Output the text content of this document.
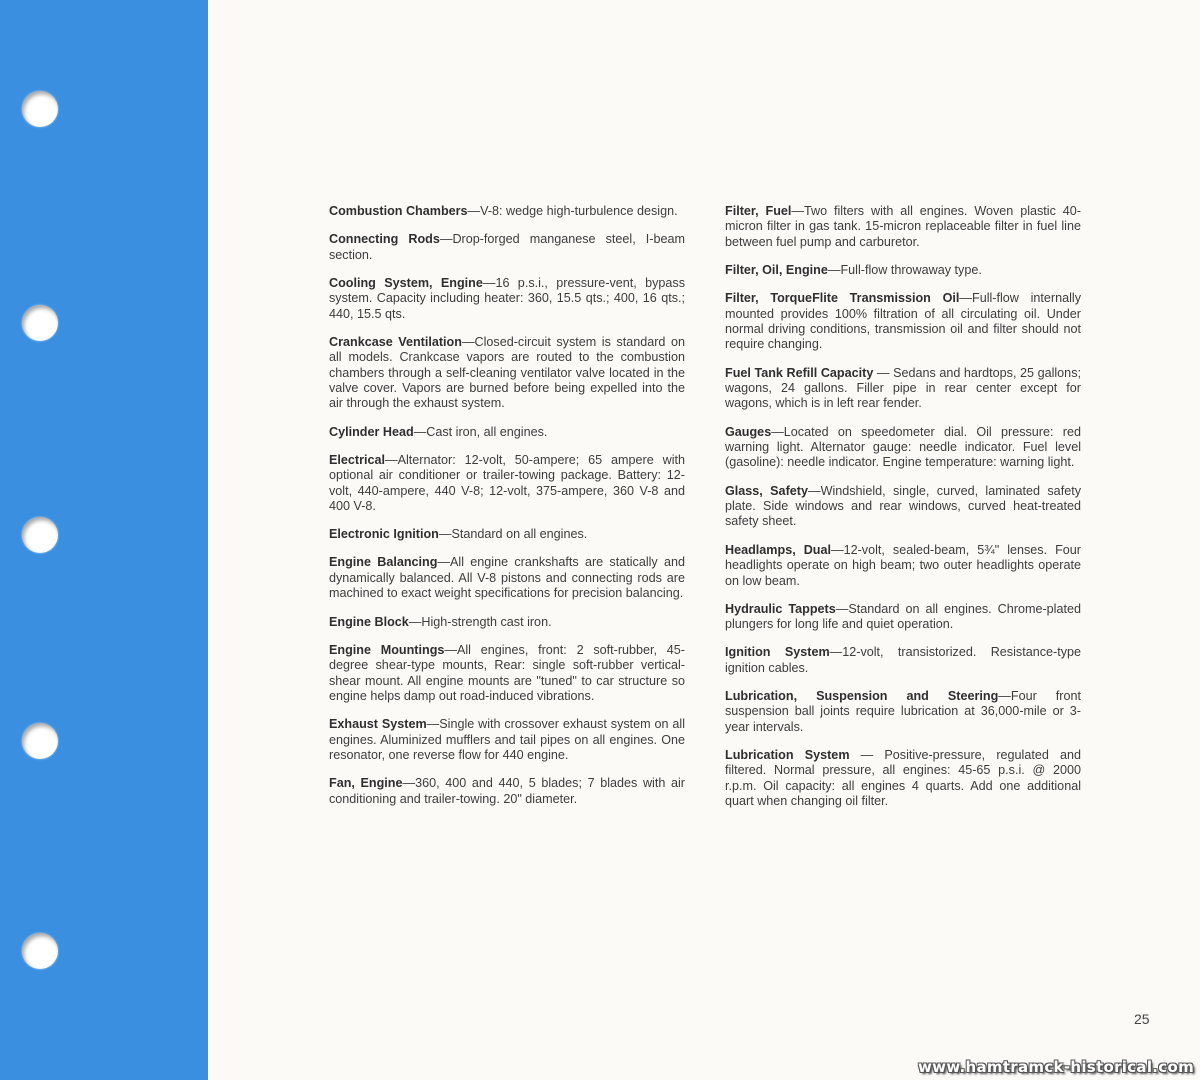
Combustion Chambers—V-8: wedge high-turbulence design.

Connecting Rods—Drop-forged manganese steel, I-beam section.

Cooling System, Engine—16 p.s.i., pressure-vent, bypass system. Capacity including heater: 360, 15.5 qts.; 400, 16 qts.; 440, 15.5 qts.

Crankcase Ventilation—Closed-circuit system is standard on all models. Crankcase vapors are routed to the combustion chambers through a self-cleaning ventilator valve located in the valve cover. Vapors are burned before being expelled into the air through the exhaust system.

Cylinder Head—Cast iron, all engines.

Electrical—Alternator: 12-volt, 50-ampere; 65 ampere with optional air conditioner or trailer-towing package. Battery: 12-volt, 440-ampere, 440 V-8; 12-volt, 375-ampere, 360 V-8 and 400 V-8.

Electronic Ignition—Standard on all engines.

Engine Balancing—All engine crankshafts are statically and dynamically balanced. All V-8 pistons and connecting rods are machined to exact weight specifications for precision balancing.

Engine Block—High-strength cast iron.

Engine Mountings—All engines, front: 2 soft-rubber, 45-degree shear-type mounts, Rear: single soft-rubber vertical-shear mount. All engine mounts are "tuned" to car structure so engine helps damp out road-induced vibrations.

Exhaust System—Single with crossover exhaust system on all engines. Aluminized mufflers and tail pipes on all engines. One resonator, one reverse flow for 440 engine.

Fan, Engine—360, 400 and 440, 5 blades; 7 blades with air conditioning and trailer-towing. 20" diameter.

Filter, Fuel—Two filters with all engines. Woven plastic 40-micron filter in gas tank. 15-micron replaceable filter in fuel line between fuel pump and carburetor.

Filter, Oil, Engine—Full-flow throwaway type.

Filter, TorqueFlite Transmission Oil—Full-flow internally mounted provides 100% filtration of all circulating oil. Under normal driving conditions, transmission oil and filter should not require changing.

Fuel Tank Refill Capacity — Sedans and hardtops, 25 gallons; wagons, 24 gallons. Filler pipe in rear center except for wagons, which is in left rear fender.

Gauges—Located on speedometer dial. Oil pressure: red warning light. Alternator gauge: needle indicator. Fuel level (gasoline): needle indicator. Engine temperature: warning light.

Glass, Safety—Windshield, single, curved, laminated safety plate. Side windows and rear windows, curved heat-treated safety sheet.

Headlamps, Dual—12-volt, sealed-beam, 5¾" lenses. Four headlights operate on high beam; two outer headlights operate on low beam.

Hydraulic Tappets—Standard on all engines. Chrome-plated plungers for long life and quiet operation.

Ignition System—12-volt, transistorized. Resistance-type ignition cables.

Lubrication, Suspension and Steering—Four front suspension ball joints require lubrication at 36,000-mile or 3-year intervals.

Lubrication System — Positive-pressure, regulated and filtered. Normal pressure, all engines: 45-65 p.s.i. @ 2000 r.p.m. Oil capacity: all engines 4 quarts. Add one additional quart when changing oil filter.

25
www.hamtramck-historical.com
